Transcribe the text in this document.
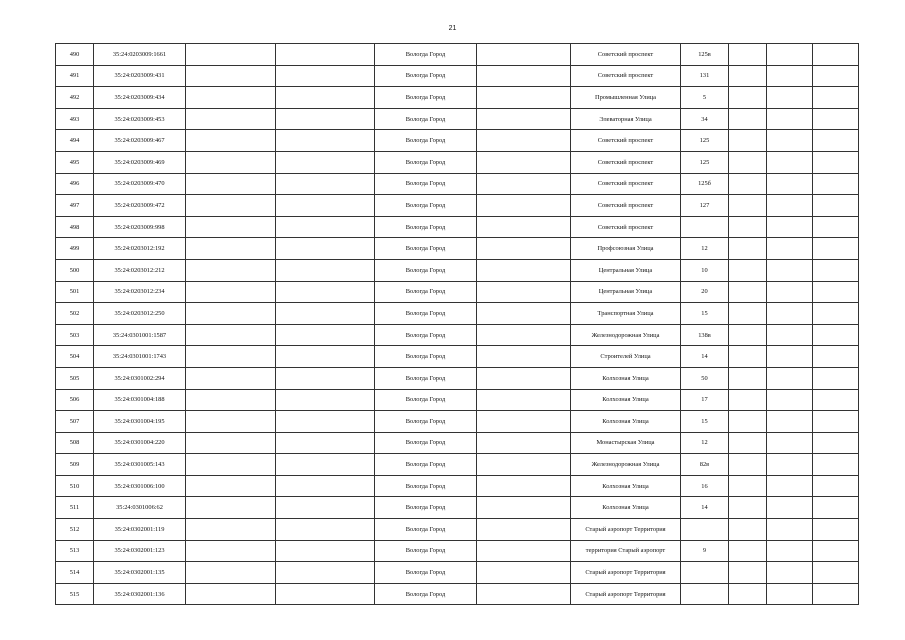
21
490	35:24:0203009:1661			Вологда Город		Советский проспект	125в			
491	35:24:0203009:431			Вологда Город		Советский проспект	131			
492	35:24:0203009:434			Вологда Город		Промышленная Улица	5			
493	35:24:0203009:453			Вологда Город		Элеваторная Улица	34			
494	35:24:0203009:467			Вологда Город		Советский проспект	125			
495	35:24:0203009:469			Вологда Город		Советский проспект	125			
496	35:24:0203009:470			Вологда Город		Советский проспект	125б			
497	35:24:0203009:472			Вологда Город		Советский проспект	127			
498	35:24:0203009:998			Вологда Город		Советский проспект				
499	35:24:0203012:192			Вологда Город		Профсоюзная Улица	12			
500	35:24:0203012:212			Вологда Город		Центральная Улица	10			
501	35:24:0203012:234			Вологда Город		Центральная Улица	20			
502	35:24:0203012:250			Вологда Город		Транспортная Улица	15			
503	35:24:0301001:1587			Вологда Город		Железнодорожная Улица	138в			
504	35:24:0301001:1743			Вологда Город		Строителей Улица	14			
505	35:24:0301002:294			Вологда Город		Колхозная Улица	50			
506	35:24:0301004:188			Вологда Город		Колхозная Улица	17			
507	35:24:0301004:195			Вологда Город		Колхозная Улица	15			
508	35:24:0301004:220			Вологда Город		Монастырская Улица	12			
509	35:24:0301005:143			Вологда Город		Железнодорожная Улица	82в			
510	35:24:0301006:100			Вологда Город		Колхозная Улица	16			
511	35:24:0301006:62			Вологда Город		Колхозная Улица	14			
512	35:24:0302001:119			Вологда Город		Старый аэропорт Территория				
513	35:24:0302001:123			Вологда Город		территория Старый аэропорт	9			
514	35:24:0302001:135			Вологда Город		Старый аэропорт Территория				
515	35:24:0302001:136			Вологда Город		Старый аэропорт Территория				
